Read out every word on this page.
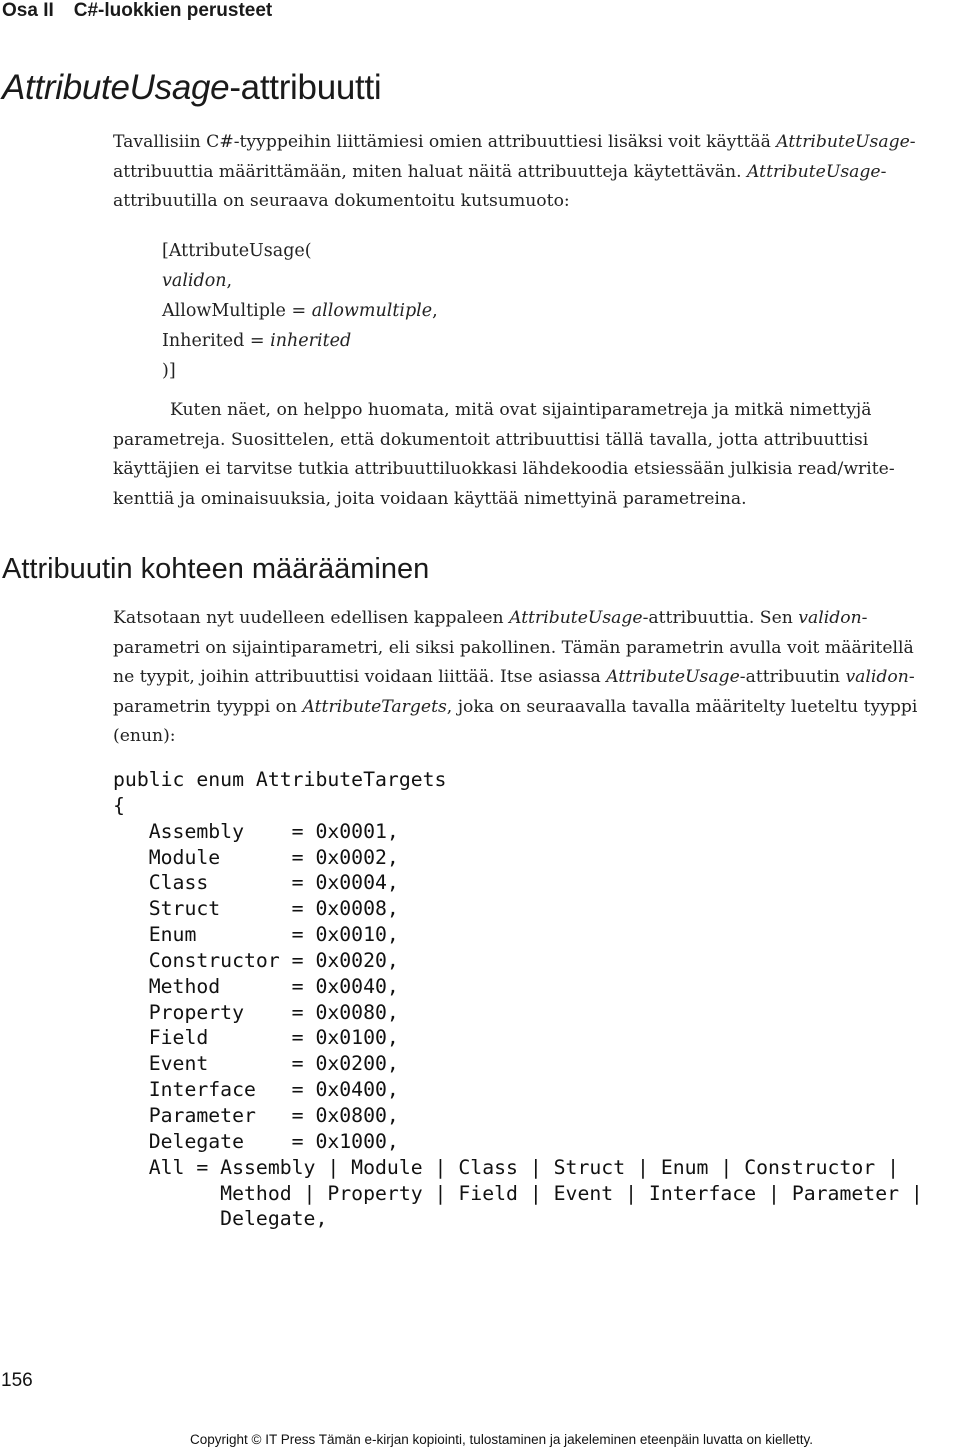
Osa II C#-luokkien perusteet
AttributeUsage-attribuutti
Tavallisiin C#-tyyppeihin liittämiesi omien attribuuttiesi lisäksi voit käyttää AttributeUsage-
attribuuttia määrittämään, miten haluat näitä attribuutteja käytettävän. AttributeUsage-
attribuutilla on seuraava dokumentoitu kutsumuoto:
[AttributeUsage(
validon,
AllowMultiple = allowmultiple,
Inherited = inherited
)]
Kuten näet, on helppo huomata, mitä ovat sijaintiparametreja ja mitkä nimettyjä
parametreja. Suosittelen, että dokumentoit attribuuttisi tällä tavalla, jotta attribuuttisi
käyttäjien ei tarvitse tutkia attribuuttiluokkasi lähdekoodia etsiessään julkisia read/write-
kenttiä ja ominaisuuksia, joita voidaan käyttää nimettyinä parametreina.
Attribuutin kohteen määrääminen
Katsotaan nyt uudelleen edellisen kappaleen AttributeUsage-attribuuttia. Sen validon-
parametri on sijaintiparametri, eli siksi pakollinen. Tämän parametrin avulla voit määritellä
ne tyypit, joihin attribuuttisi voidaan liittää. Itse asiassa AttributeUsage-attribuutin validon-
parametrin tyyppi on AttributeTargets, joka on seuraavalla tavalla määritelty lueteltu tyyppi
(enun):
public enum AttributeTargets
{
Assembly    = 0x0001,
Module      = 0x0002,
Class       = 0x0004,
Struct      = 0x0008,
Enum        = 0x0010,
Constructor = 0x0020,
Method      = 0x0040,
Property    = 0x0080,
Field       = 0x0100,
Event       = 0x0200,
Interface   = 0x0400,
Parameter   = 0x0800,
Delegate    = 0x1000,
All = Assembly | Module | Class | Struct | Enum | Constructor |
Method | Property | Field | Event | Interface | Parameter |
Delegate,
156
Copyright © IT Press Tämän e-kirjan kopiointi, tulostaminen ja jakeleminen eteenpäin luvatta on kielletty.
